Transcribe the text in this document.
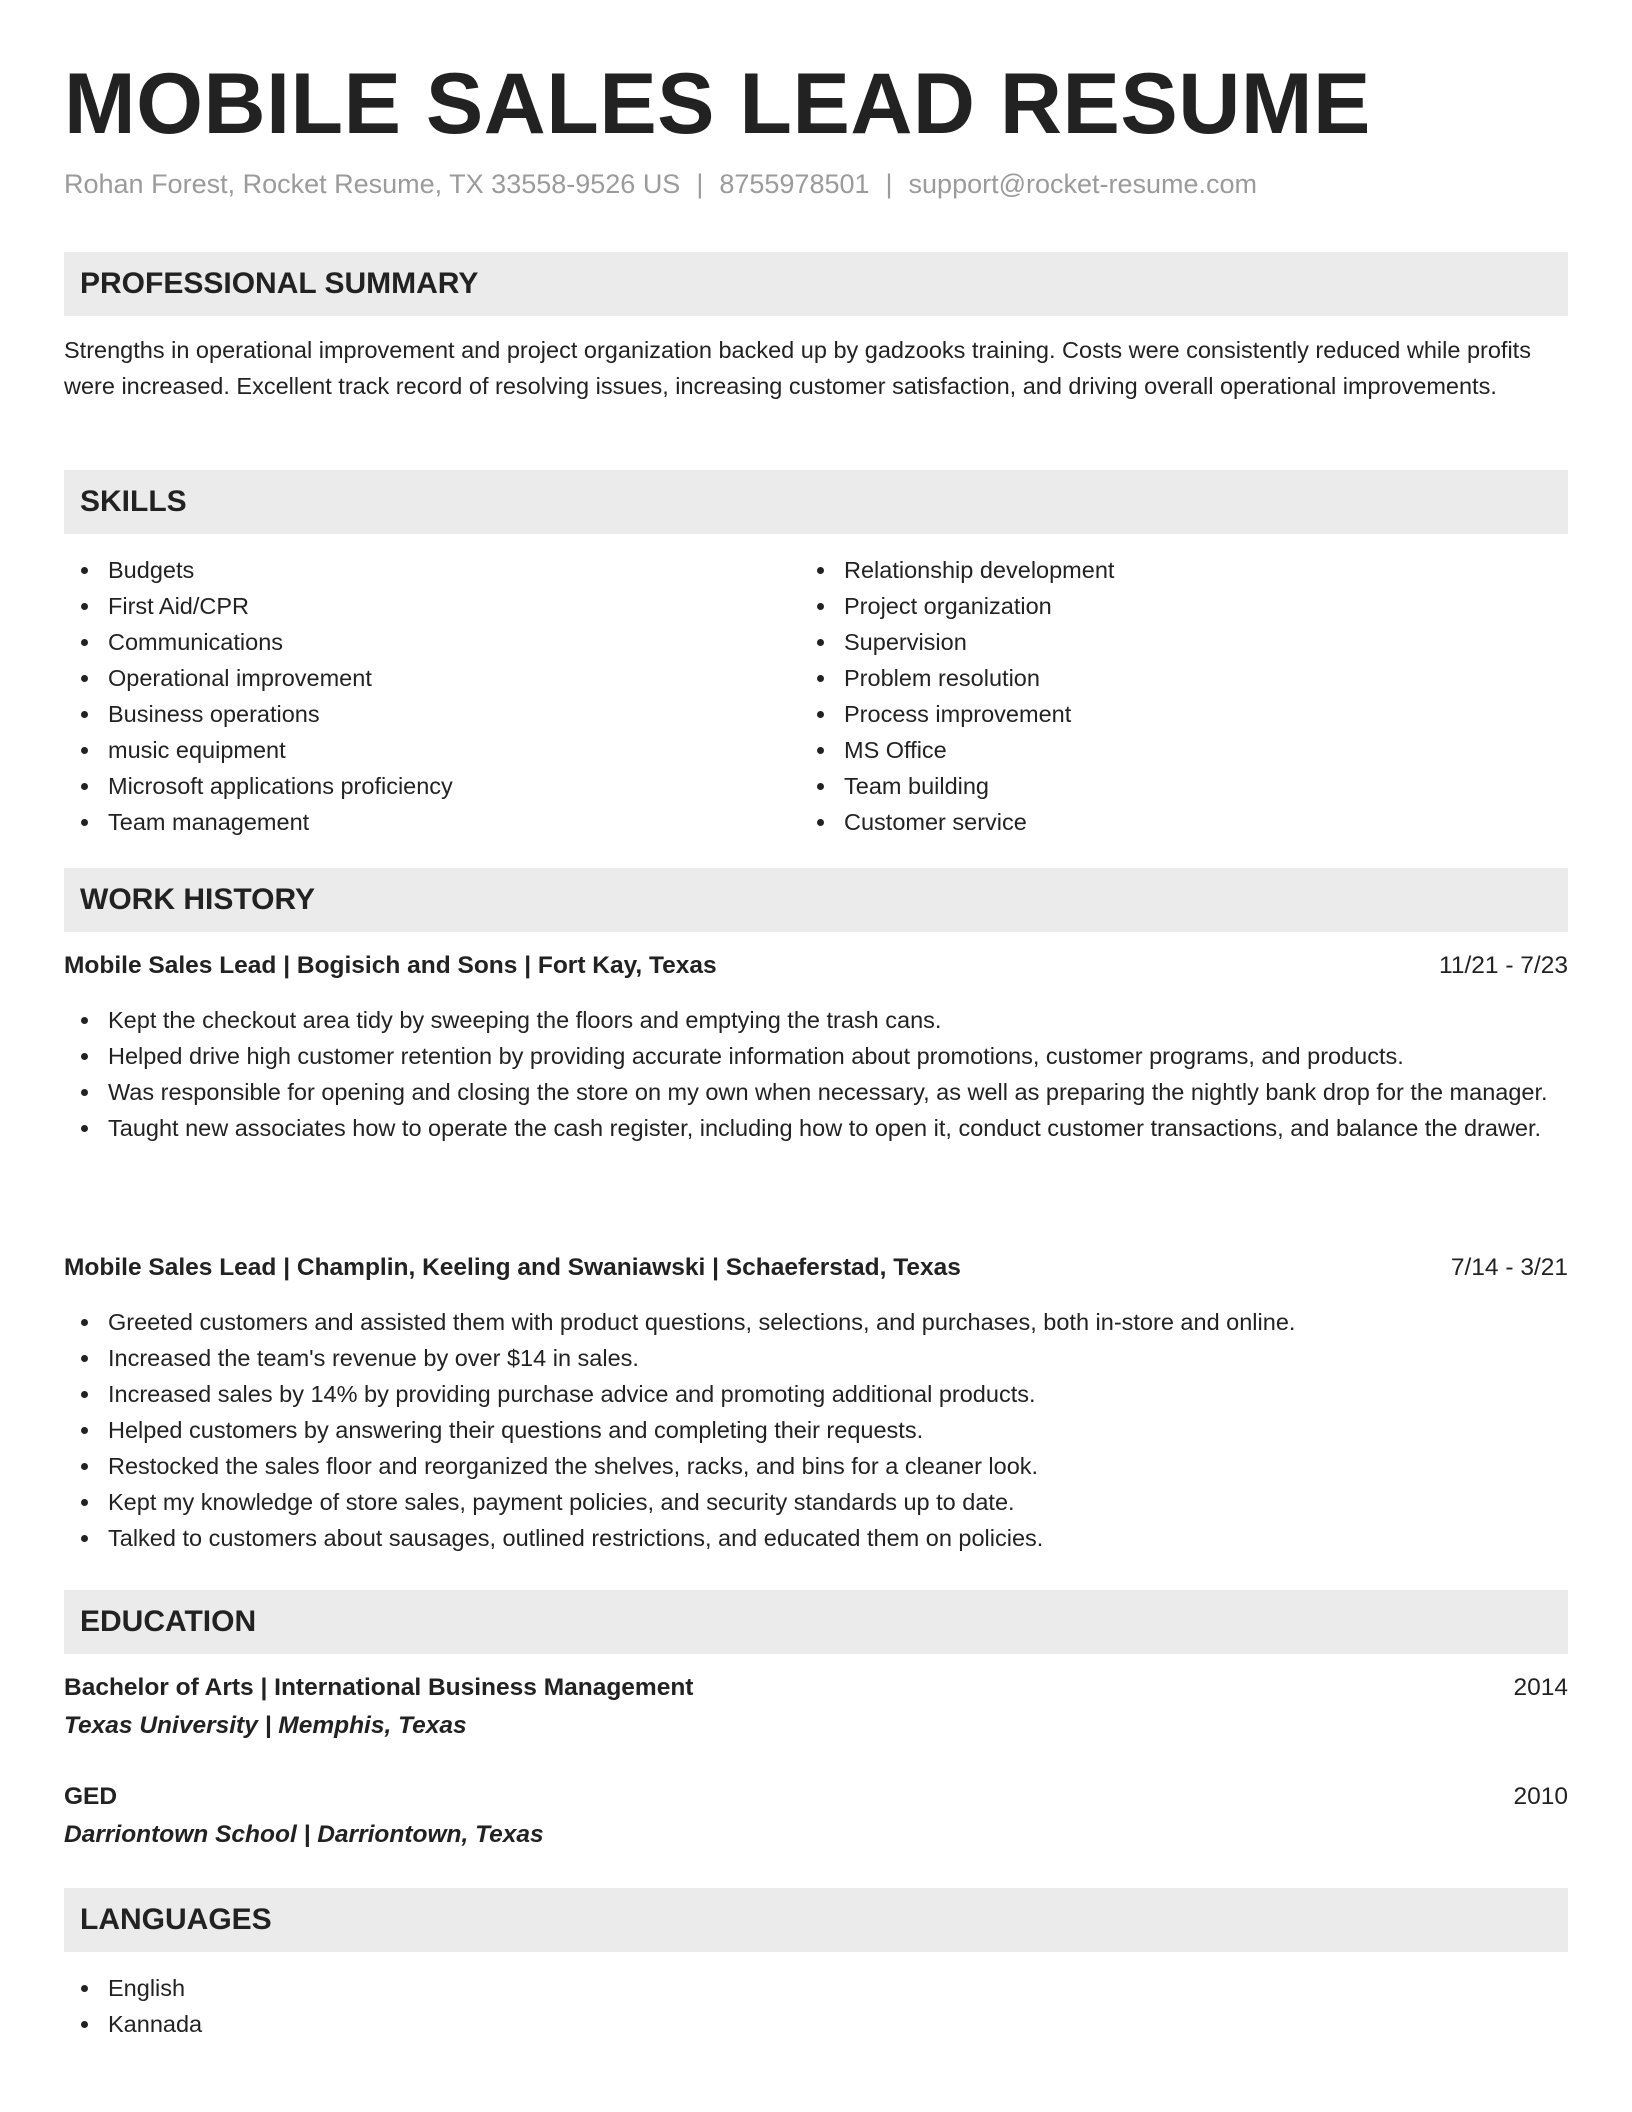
MOBILE SALES LEAD RESUME
Rohan Forest, Rocket Resume, TX 33558-9526 US | 8755978501 | support@rocket-resume.com
PROFESSIONAL SUMMARY
Strengths in operational improvement and project organization backed up by gadzooks training. Costs were consistently reduced while profits were increased. Excellent track record of resolving issues, increasing customer satisfaction, and driving overall operational improvements.
SKILLS
Budgets
First Aid/CPR
Communications
Operational improvement
Business operations
music equipment
Microsoft applications proficiency
Team management
Relationship development
Project organization
Supervision
Problem resolution
Process improvement
MS Office
Team building
Customer service
WORK HISTORY
Mobile Sales Lead | Bogisich and Sons | Fort Kay, Texas	11/21 - 7/23
Kept the checkout area tidy by sweeping the floors and emptying the trash cans.
Helped drive high customer retention by providing accurate information about promotions, customer programs, and products.
Was responsible for opening and closing the store on my own when necessary, as well as preparing the nightly bank drop for the manager.
Taught new associates how to operate the cash register, including how to open it, conduct customer transactions, and balance the drawer.
Mobile Sales Lead | Champlin, Keeling and Swaniawski | Schaeferstad, Texas	7/14 - 3/21
Greeted customers and assisted them with product questions, selections, and purchases, both in-store and online.
Increased the team's revenue by over $14 in sales.
Increased sales by 14% by providing purchase advice and promoting additional products.
Helped customers by answering their questions and completing their requests.
Restocked the sales floor and reorganized the shelves, racks, and bins for a cleaner look.
Kept my knowledge of store sales, payment policies, and security standards up to date.
Talked to customers about sausages, outlined restrictions, and educated them on policies.
EDUCATION
Bachelor of Arts | International Business Management	2014
Texas University | Memphis, Texas
GED	2010
Darriontown School | Darriontown, Texas
LANGUAGES
English
Kannada
